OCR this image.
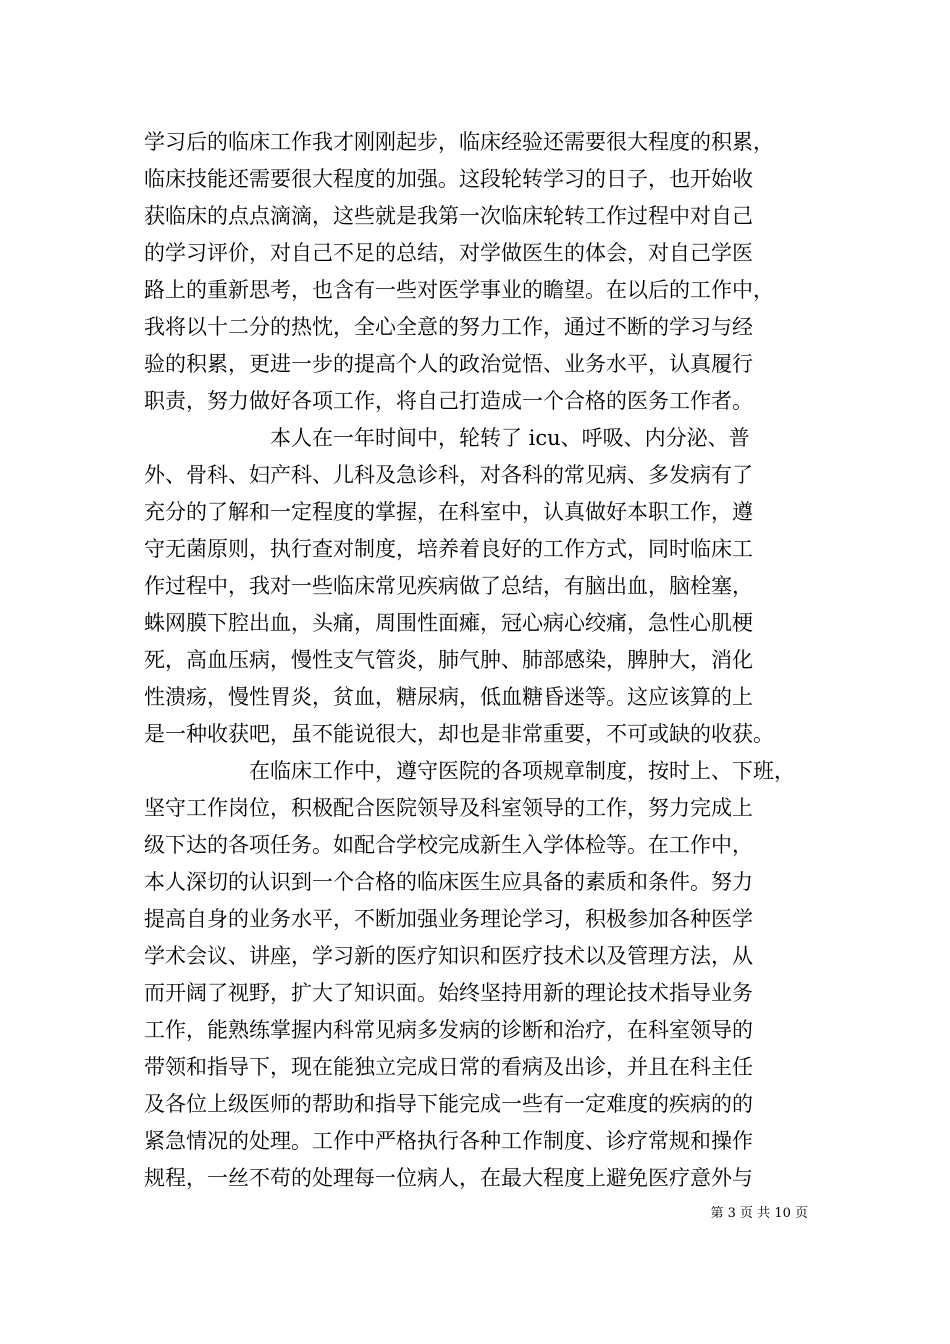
学习后的临床工作我才刚刚起步，临床经验还需要很大程度的积累，
临床技能还需要很大程度的加强。这段轮转学习的日子，也开始收
获临床的点点滴滴，这些就是我第一次临床轮转工作过程中对自己
的学习评价，对自己不足的总结，对学做医生的体会，对自己学医
路上的重新思考，也含有一些对医学事业的瞻望。在以后的工作中，
我将以十二分的热忱，全心全意的努力工作，通过不断的学习与经
验的积累，更进一步的提高个人的政治觉悟、业务水平，认真履行
职责，努力做好各项工作，将自己打造成一个合格的医务工作者。
　　　　　　本人在一年时间中，轮转了 icu、呼吸、内分泌、普
外、骨科、妇产科、儿科及急诊科，对各科的常见病、多发病有了
充分的了解和一定程度的掌握，在科室中，认真做好本职工作，遵
守无菌原则，执行查对制度，培养着良好的工作方式，同时临床工
作过程中，我对一些临床常见疾病做了总结，有脑出血，脑栓塞，
蛛网膜下腔出血，头痛，周围性面瘫，冠心病心绞痛，急性心肌梗
死，高血压病，慢性支气管炎，肺气肿、肺部感染，脾肿大，消化
性溃疡，慢性胃炎，贫血，糖尿病，低血糖昏迷等。这应该算的上
是一种收获吧，虽不能说很大，却也是非常重要，不可或缺的收获。
　　　　　在临床工作中，遵守医院的各项规章制度，按时上、下班，
坚守工作岗位，积极配合医院领导及科室领导的工作，努力完成上
级下达的各项任务。如配合学校完成新生入学体检等。在工作中，
本人深切的认识到一个合格的临床医生应具备的素质和条件。努力
提高自身的业务水平，不断加强业务理论学习，积极参加各种医学
学术会议、讲座，学习新的医疗知识和医疗技术以及管理方法，从
而开阔了视野，扩大了知识面。始终坚持用新的理论技术指导业务
工作，能熟练掌握内科常见病多发病的诊断和治疗，在科室领导的
带领和指导下，现在能独立完成日常的看病及出诊，并且在科主任
及各位上级医师的帮助和指导下能完成一些有一定难度的疾病的的
紧急情况的处理。工作中严格执行各种工作制度、诊疗常规和操作
规程，一丝不苟的处理每一位病人，在最大程度上避免医疗意外与
第 3 页 共 10 页
